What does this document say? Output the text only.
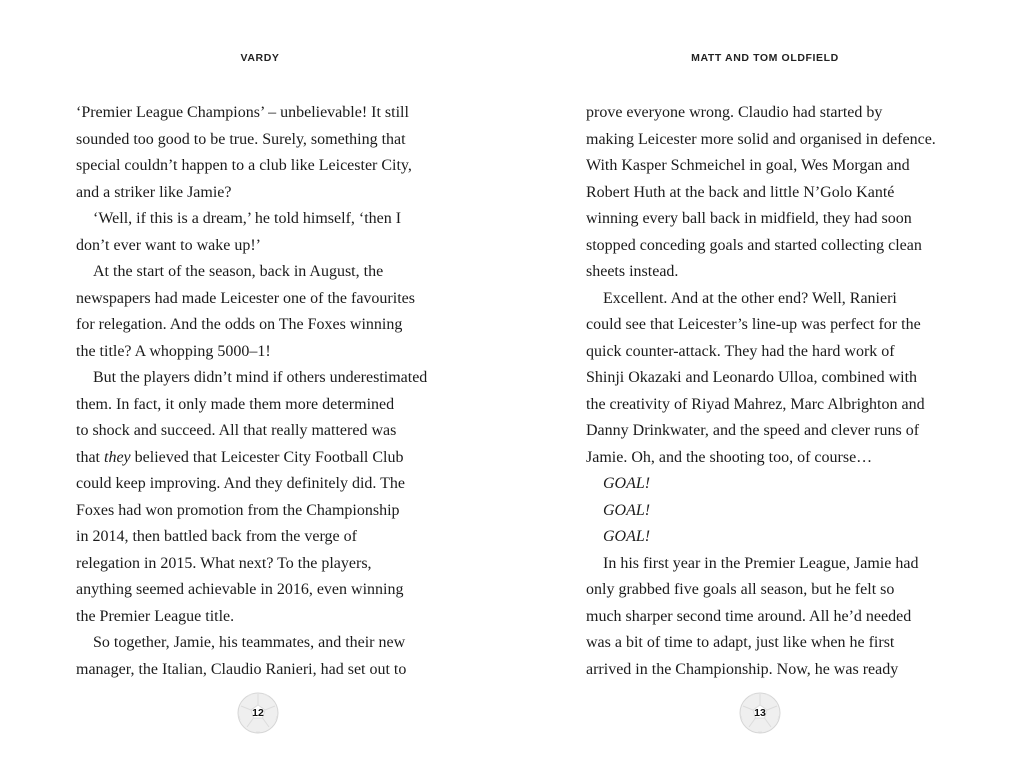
VARDY

‘Premier League Champions’ – unbelievable! It still
sounded too good to be true. Surely, something that
special couldn’t happen to a club like Leicester City,
and a striker like Jamie?

‘Well, if this is a dream,’ he told himself, ‘then I
don’t ever want to wake up!’

At the start of the season, back in August, the
newspapers had made Leicester one of the favourites
for relegation. And the odds on The Foxes winning
the title? A whopping 5000–1!

But the players didn’t mind if others underestimated
them. In fact, it only made them more determined
to shock and succeed. All that really mattered was
that they believed that Leicester City Football Club
could keep improving. And they definitely did. The
Foxes had won promotion from the Championship
in 2014, then battled back from the verge of
relegation in 2015. What next? To the players,
anything seemed achievable in 2016, even winning
the Premier League title.

So together, Jamie, his teammates, and their new
manager, the Italian, Claudio Ranieri, had set out to

12
MATT AND TOM OLDFIELD

prove everyone wrong. Claudio had started by
making Leicester more solid and organised in defence.
With Kasper Schmeichel in goal, Wes Morgan and
Robert Huth at the back and little N’Golo Kanté
winning every ball back in midfield, they had soon
stopped conceding goals and started collecting clean
sheets instead.

Excellent. And at the other end? Well, Ranieri
could see that Leicester’s line-up was perfect for the
quick counter-attack. They had the hard work of
Shinji Okazaki and Leonardo Ulloa, combined with
the creativity of Riyad Mahrez, Marc Albrighton and
Danny Drinkwater, and the speed and clever runs of
Jamie. Oh, and the shooting too, of course…

GOAL!

GOAL!

GOAL!

In his first year in the Premier League, Jamie had
only grabbed five goals all season, but he felt so
much sharper second time around. All he’d needed
was a bit of time to adapt, just like when he first
arrived in the Championship. Now, he was ready

13
